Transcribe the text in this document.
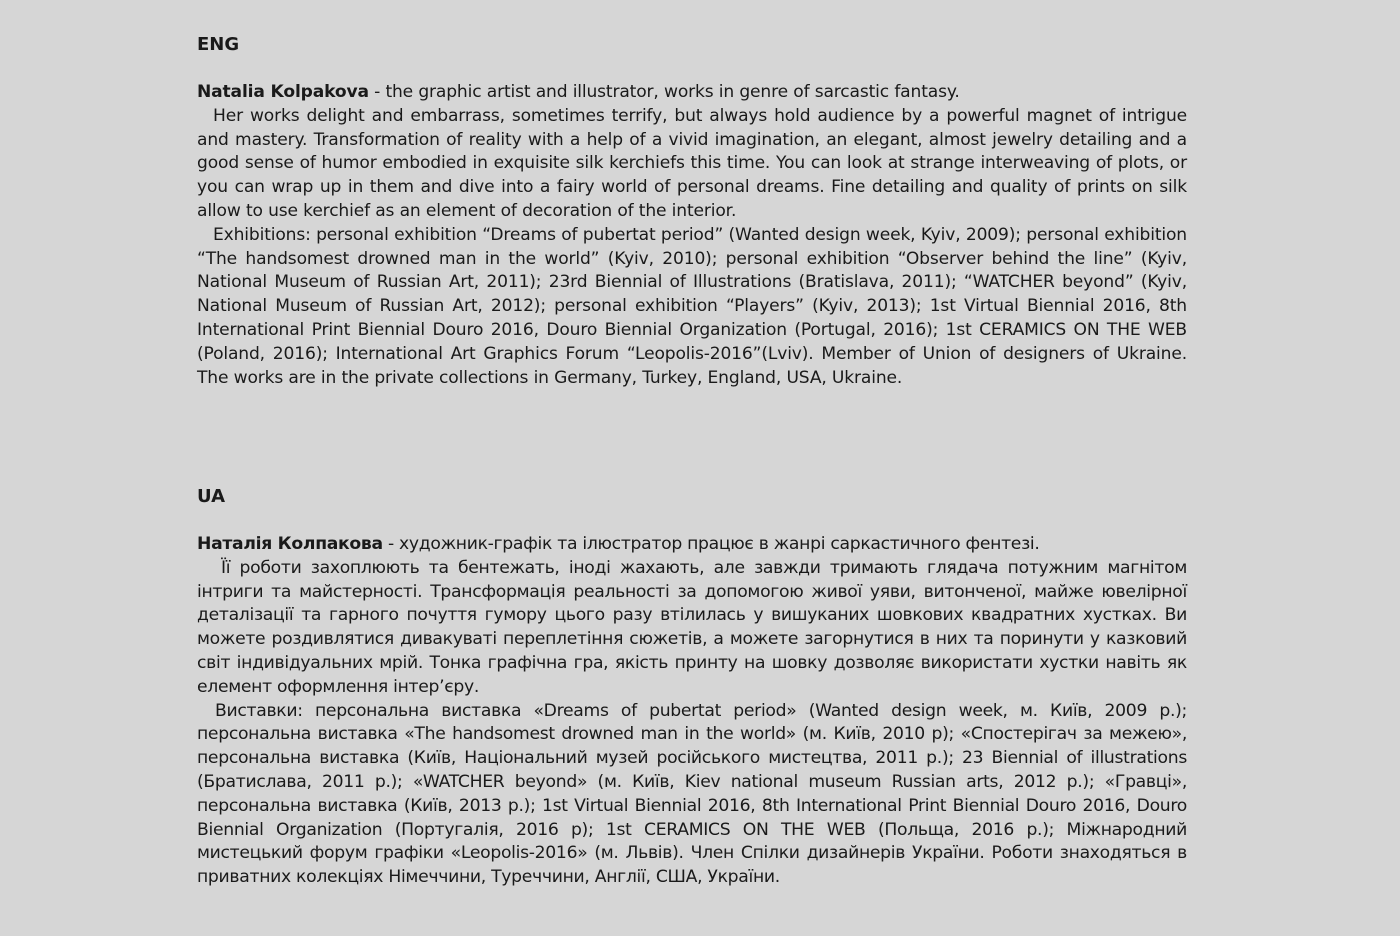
ENG

Natalia Kolpakova - the graphic artist and illustrator, works in genre of sarcastic fantasy.

Her works delight and embarrass, sometimes terrify, but always hold audience by a powerful magnet of intrigue and mastery. Transformation of reality with a help of a vivid imagination, an elegant, almost jewelry detailing and a good sense of humor embodied in exquisite silk kerchiefs this time. You can look at strange interweaving of plots, or you can wrap up in them and dive into a fairy world of personal dreams. Fine detailing and quality of prints on silk allow to use kerchief as an element of decoration of the interior.

Exhibitions: personal exhibition “Dreams of pubertat period” (Wanted design week, Kyiv, 2009); personal exhibition “The handsomest drowned man in the world” (Kyiv, 2010); personal exhibition “Observer behind the line” (Kyiv, National Museum of Russian Art, 2011); 23rd Biennial of Illustrations (Bratislava, 2011); “WATCHER beyond” (Kyiv, National Museum of Russian Art, 2012); personal exhibition “Players” (Kyiv, 2013); 1st Virtual Biennial 2016, 8th International Print Biennial Douro 2016, Douro Biennial Organization (Portugal, 2016); 1st CERAMICS ON THE WEB (Poland, 2016); International Art Graphics Forum “Leopolis-2016”(Lviv). Member of Union of designers of Ukraine. The works are in the private collections in Germany, Turkey, England, USA, Ukraine.

UA

Наталія Колпакова - художник-графік та ілюстратор працює в жанрі саркастичного фентезі.

Її роботи захоплюють та бентежать, іноді жахають, але завжди тримають глядача потужним магнітом інтриги та майстерності. Трансформація реальності за допомогою живої уяви, витонченої, майже ювелірної деталізації та гарного почуття гумору цього разу втілилась у вишуканих шовкових квадратних хустках. Ви можете роздивлятися дивакуваті переплетіння сюжетів, а можете загорнутися в них та поринути у казковий світ індивідуальних мрій. Тонка графічна гра, якість принту на шовку дозволяє використати хустки навіть як елемент оформлення інтер’єру.

Виставки: персональна виставка «Dreams of pubertat period» (Wanted design week, м. Київ, 2009 р.); персональна виставка «The handsomest drowned man in the world» (м. Київ, 2010 р); «Спостерігач за межею», персональна виставка (Київ, Національний музей російського мистецтва, 2011 р.); 23 Biennial of illustrations (Братислава, 2011 р.); «WATCHER beyond» (м. Київ, Kiev national museum Russian arts, 2012 р.); «Гравці», персональна виставка (Київ, 2013 р.); 1st Virtual Biennial 2016, 8th International Print Biennial Douro 2016, Douro Biennial Organization (Португалія, 2016 р); 1st CERAMICS ON THE WEB (Польща, 2016 р.); Міжнародний мистецький форум графіки «Leopolis-2016» (м. Львів). Член Спілки дизайнерів України. Роботи знаходяться в приватних колекціях Німеччини, Туреччини, Англії, США, України.
